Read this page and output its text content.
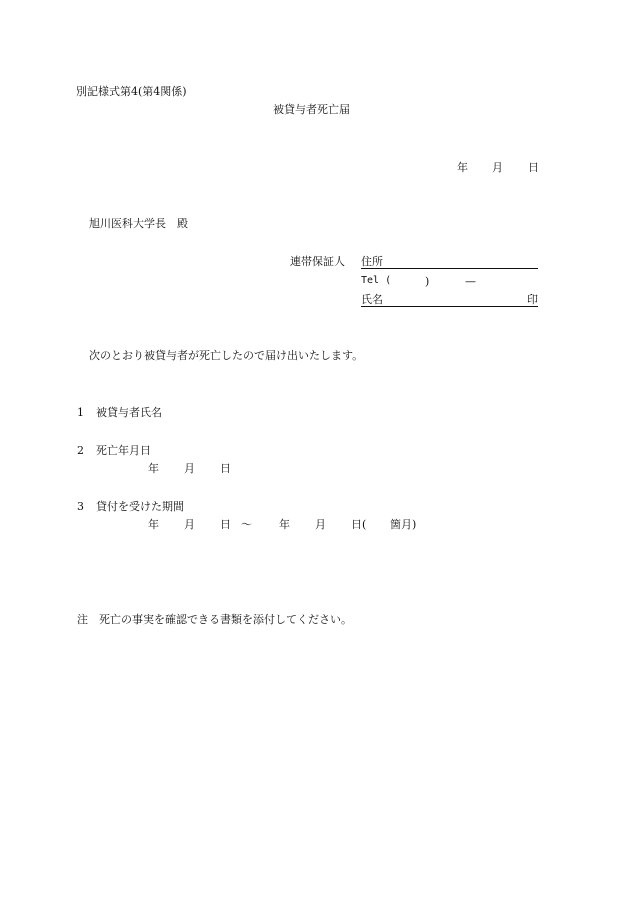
別記様式第4(第4関係)
被貸与者死亡届
年 月 日
旭川医科大学長　殿
連帯保証人 住所
Tel (	)	—
氏名	印
次のとおり被貸与者が死亡したので届け出いたします。
1 被貸与者氏名
2 死亡年月日
年 月 日
3 貸付を受けた期間
年 月 日 〜 年 月 日( 箇月)
注　死亡の事実を確認できる書類を添付してください。
